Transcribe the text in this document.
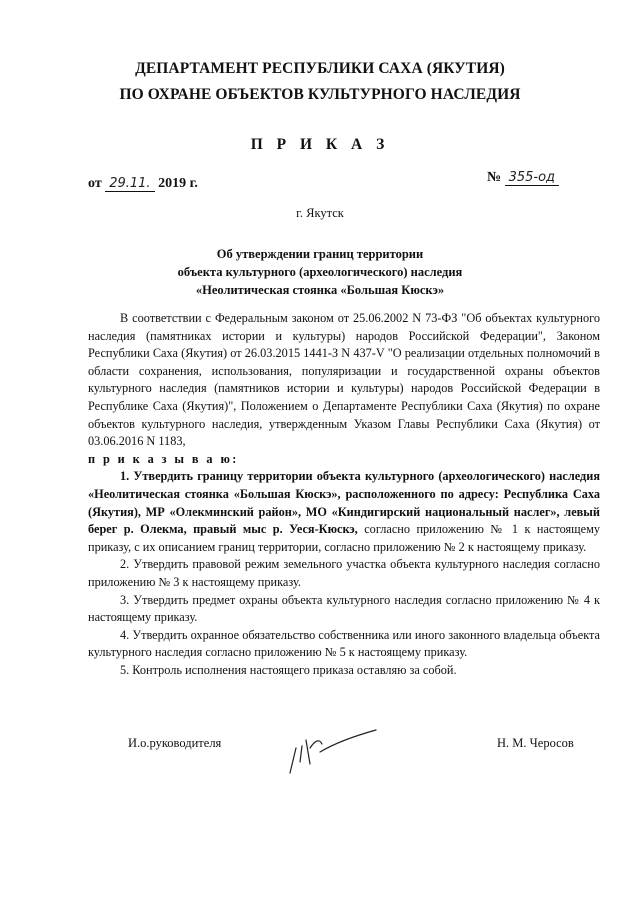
ДЕПАРТАМЕНТ РЕСПУБЛИКИ САХА (ЯКУТИЯ)
ПО ОХРАНЕ ОБЪЕКТОВ КУЛЬТУРНОГО НАСЛЕДИЯ
П Р И К А З
от 29.11. 2019 г.	№ 355-од
г. Якутск
Об утверждении границ территории
объекта культурного (археологического) наследия
«Неолитическая стоянка «Большая Кюскэ»

В соответствии с Федеральным законом от 25.06.2002 N 73-ФЗ "Об объектах культурного наследия (памятниках истории и культуры) народов Российской Федерации", Законом Республики Саха (Якутия) от 26.03.2015 1441-З N 437-V "О реализации отдельных полномочий в области сохранения, использования, популяризации и государственной охраны объектов культурного наследия (памятников истории и культуры) народов Российской Федерации в Республике Саха (Якутия)", Положением о Департаменте Республики Саха (Якутия) по охране объектов культурного наследия, утвержденным Указом Главы Республики Саха (Якутия) от 03.06.2016 N 1183,

п р и к а з ы в а ю:

1. Утвердить границу территории объекта культурного (археологического) наследия «Неолитическая стоянка «Большая Кюскэ», расположенного по адресу: Республика Саха (Якутия), МР «Олекминский район», МО «Киндигирский национальный наслег», левый берег р. Олекма, правый мыс р. Уеся-Кюскэ, согласно приложению № 1 к настоящему приказу, с их описанием границ территории, согласно приложению № 2 к настоящему приказу.

2. Утвердить правовой режим земельного участка объекта культурного наследия согласно приложению № 3 к настоящему приказу.

3. Утвердить предмет охраны объекта культурного наследия согласно приложению № 4 к настоящему приказу.

4. Утвердить охранное обязательство собственника или иного законного владельца объекта культурного наследия согласно приложению № 5 к настоящему приказу.

5. Контроль исполнения настоящего приказа оставляю за собой.

И.о.руководителя	Н. М. Черосов
